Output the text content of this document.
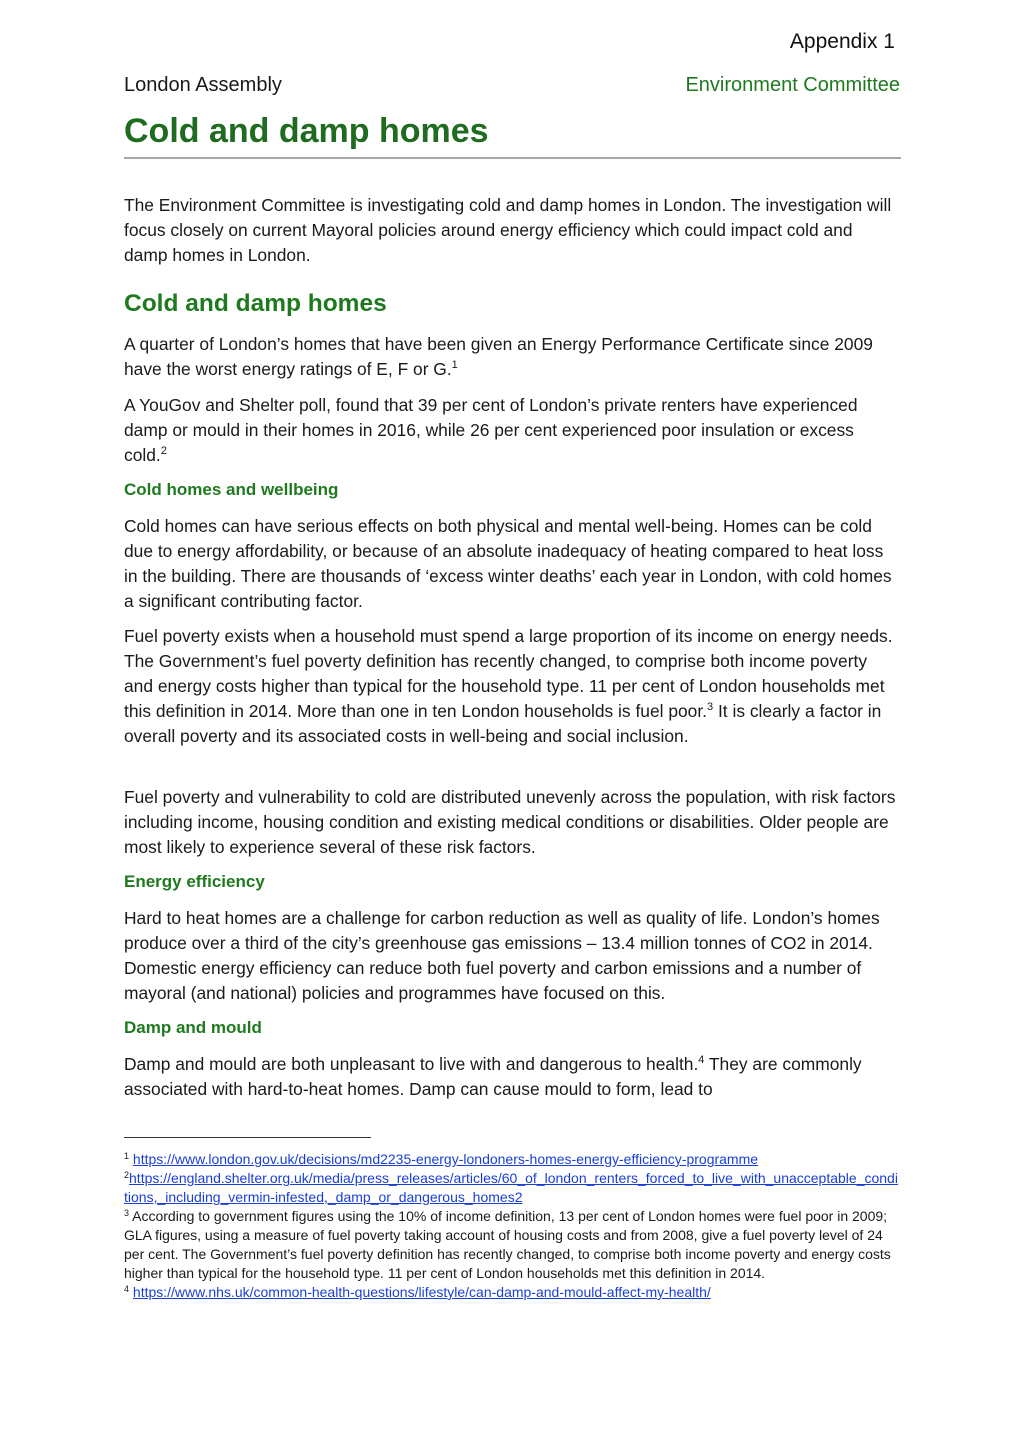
Appendix 1
London Assembly	Environment Committee
Cold and damp homes

The Environment Committee is investigating cold and damp homes in London. The investigation will focus closely on current Mayoral policies around energy efficiency which could impact cold and damp homes in London.

Cold and damp homes

A quarter of London’s homes that have been given an Energy Performance Certificate since 2009 have the worst energy ratings of E, F or G.$^1$

A YouGov and Shelter poll, found that 39 per cent of London’s private renters have experienced damp or mould in their homes in 2016, while 26 per cent experienced poor insulation or excess cold.$^2$

Cold homes and wellbeing

Cold homes can have serious effects on both physical and mental well-being. Homes can be cold due to energy affordability, or because of an absolute inadequacy of heating compared to heat loss in the building. There are thousands of ‘excess winter deaths’ each year in London, with cold homes a significant contributing factor.

Fuel poverty exists when a household must spend a large proportion of its income on energy needs. The Government’s fuel poverty definition has recently changed, to comprise both income poverty and energy costs higher than typical for the household type. 11 per cent of London households met this definition in 2014. More than one in ten London households is fuel poor.$^3$ It is clearly a factor in overall poverty and its associated costs in well-being and social inclusion.

Fuel poverty and vulnerability to cold are distributed unevenly across the population, with risk factors including income, housing condition and existing medical conditions or disabilities. Older people are most likely to experience several of these risk factors.

Energy efficiency

Hard to heat homes are a challenge for carbon reduction as well as quality of life. London’s homes produce over a third of the city’s greenhouse gas emissions – 13.4 million tonnes of CO2 in 2014. Domestic energy efficiency can reduce both fuel poverty and carbon emissions and a number of mayoral (and national) policies and programmes have focused on this.

Damp and mould

Damp and mould are both unpleasant to live with and dangerous to health.$^4$ They are commonly associated with hard-to-heat homes. Damp can cause mould to form, lead to

$^1$ https://www.london.gov.uk/decisions/md2235-energy-londoners-homes-energy-efficiency-programme

$^2$https://england.shelter.org.uk/media/press_releases/articles/60_of_london_renters_forced_to_live_with_unacceptable_conditions,_including_vermin-infested,_damp_or_dangerous_homes2

$^3$ According to government figures using the 10% of income definition, 13 per cent of London homes were fuel poor in 2009; GLA figures, using a measure of fuel poverty taking account of housing costs and from 2008, give a fuel poverty level of 24 per cent. The Government’s fuel poverty definition has recently changed, to comprise both income poverty and energy costs higher than typical for the household type. 11 per cent of London households met this definition in 2014.

$^4$ https://www.nhs.uk/common-health-questions/lifestyle/can-damp-and-mould-affect-my-health/
